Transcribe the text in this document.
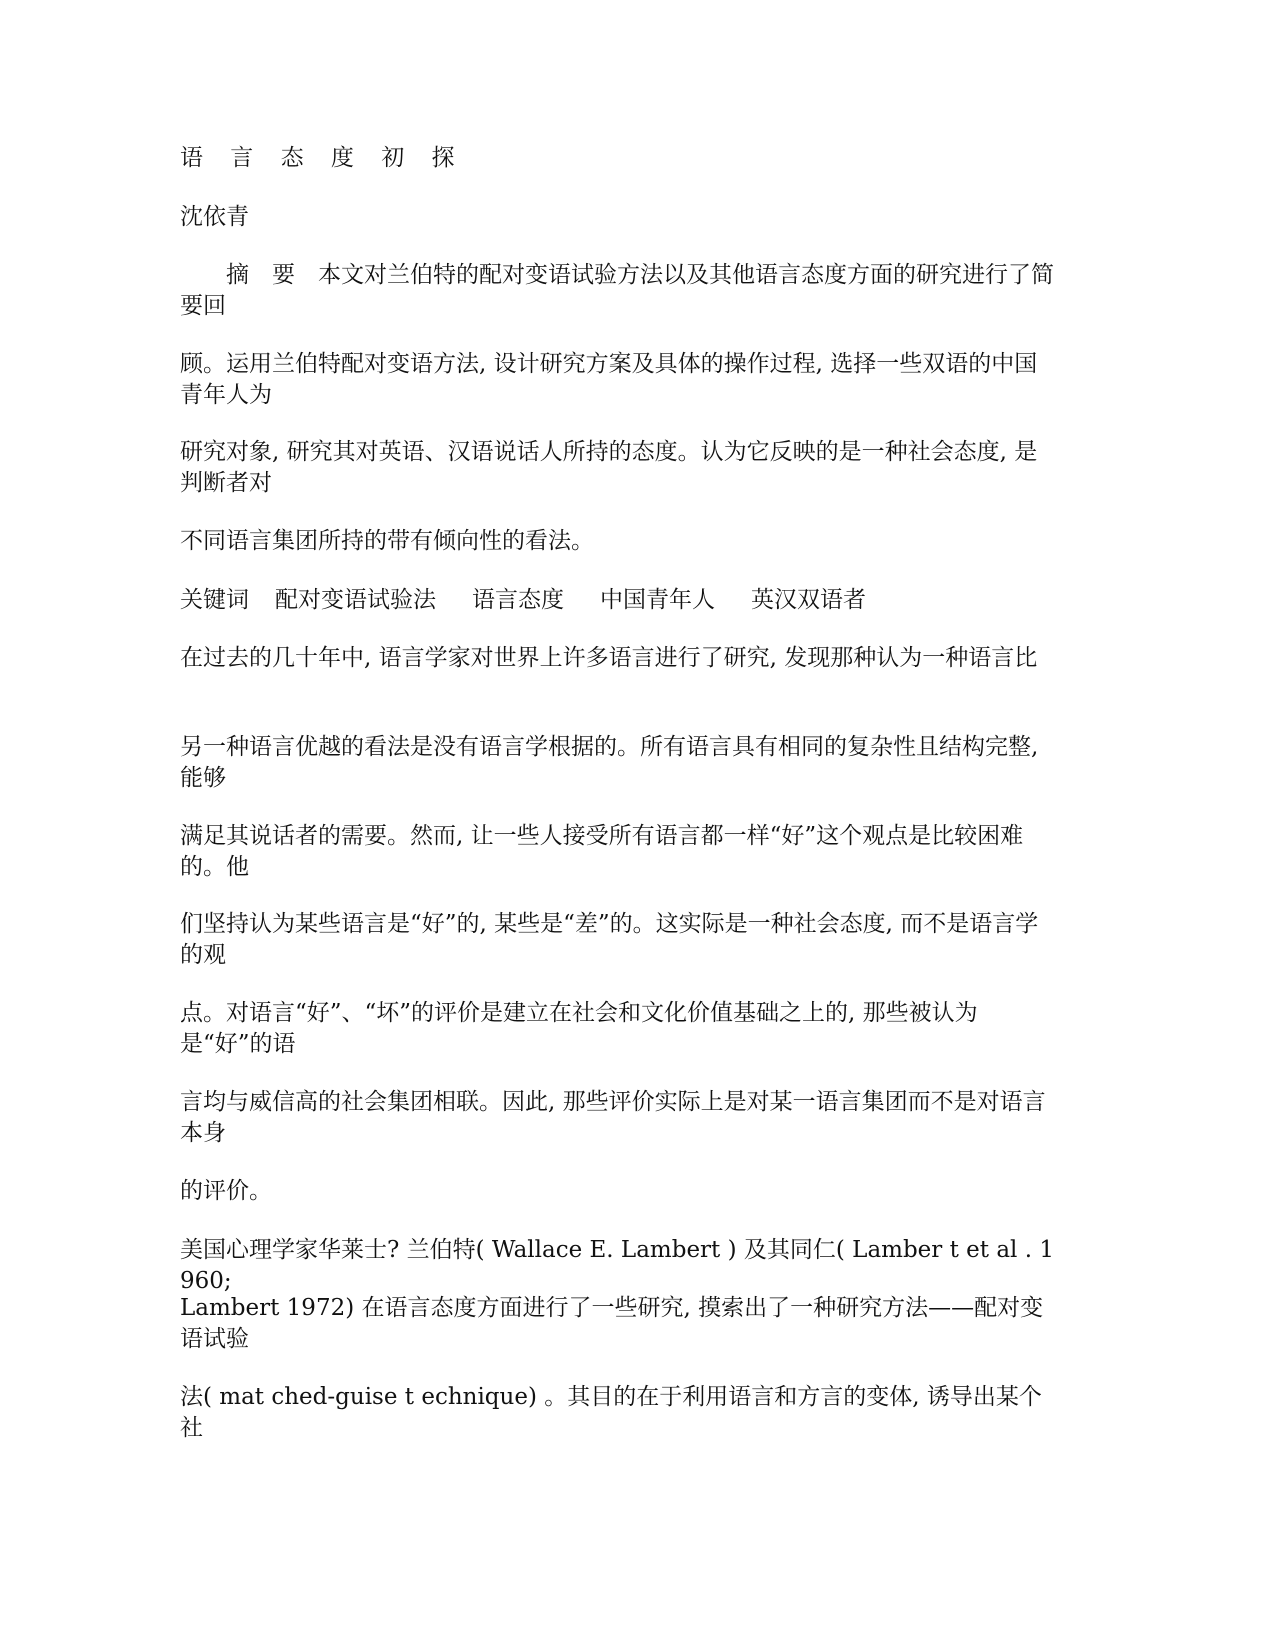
语 言 态 度 初 探

沈依青

　　摘　要　本文对兰伯特的配对变语试验方法以及其他语言态度方面的研究进行了简要回

顾。运用兰伯特配对变语方法, 设计研究方案及具体的操作过程, 选择一些双语的中国青年人为

研究对象, 研究其对英语、汉语说话人所持的态度。认为它反映的是一种社会态度, 是判断者对

不同语言集团所持的带有倾向性的看法。

关键词 配对变语试验法 语言态度 中国青年人 英汉双语者

在过去的几十年中, 语言学家对世界上许多语言进行了研究, 发现那种认为一种语言比

另一种语言优越的看法是没有语言学根据的。所有语言具有相同的复杂性且结构完整, 能够

满足其说话者的需要。然而, 让一些人接受所有语言都一样“好”这个观点是比较困难的。他

们坚持认为某些语言是“好”的, 某些是“差”的。这实际是一种社会态度, 而不是语言学的观

点。对语言“好”、“坏”的评价是建立在社会和文化价值基础之上的, 那些被认为是“好”的语

言均与威信高的社会集团相联。因此, 那些评价实际上是对某一语言集团而不是对语言本身

的评价。

美国心理学家华莱士? 兰伯特( Wallace E. Lambert ) 及其同仁( Lamber t et al . 1960;

Lambert 1972) 在语言态度方面进行了一些研究, 摸索出了一种研究方法——配对变语试验

法( mat ched-guise t echnique) 。其目的在于利用语言和方言的变体, 诱导出某个社
